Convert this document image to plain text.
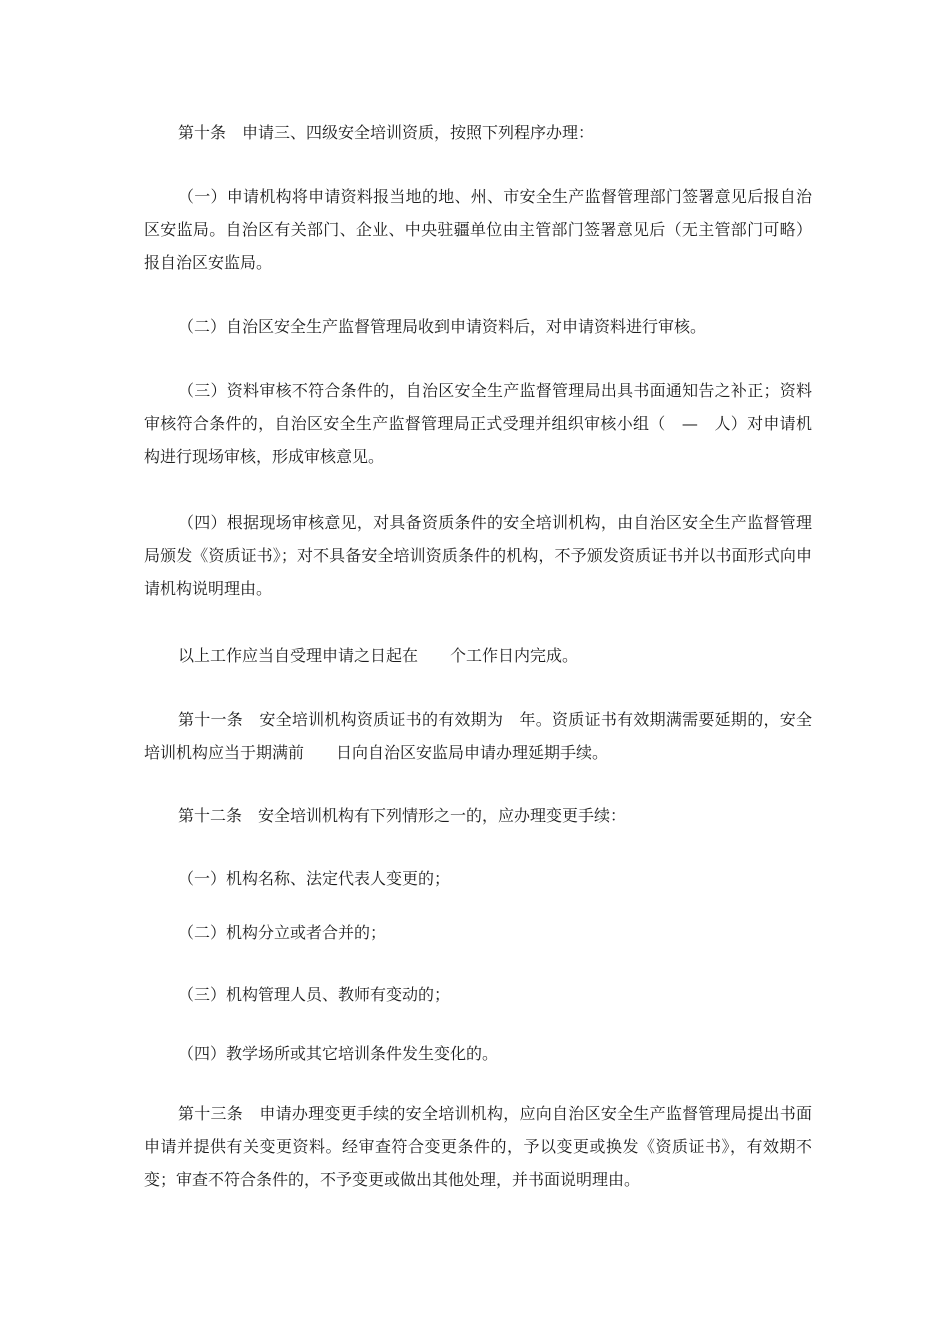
第十条　申请三、四级安全培训资质，按照下列程序办理：

（一）申请机构将申请资料报当地的地、州、市安全生产监督管理部门签署意见后报自治区安监局。自治区有关部门、企业、中央驻疆单位由主管部门签署意见后（无主管部门可略）报自治区安监局。

（二）自治区安全生产监督管理局收到申请资料后，对申请资料进行审核。

（三）资料审核不符合条件的，自治区安全生产监督管理局出具书面通知告之补正；资料审核符合条件的，自治区安全生产监督管理局正式受理并组织审核小组（　—　人）对申请机构进行现场审核，形成审核意见。

（四）根据现场审核意见，对具备资质条件的安全培训机构，由自治区安全生产监督管理局颁发《资质证书》；对不具备安全培训资质条件的机构，不予颁发资质证书并以书面形式向申请机构说明理由。

以上工作应当自受理申请之日起在　　个工作日内完成。

第十一条　安全培训机构资质证书的有效期为　年。资质证书有效期满需要延期的，安全培训机构应当于期满前　　日向自治区安监局申请办理延期手续。

第十二条　安全培训机构有下列情形之一的，应办理变更手续：

（一）机构名称、法定代表人变更的；

（二）机构分立或者合并的；

（三）机构管理人员、教师有变动的；

（四）教学场所或其它培训条件发生变化的。

第十三条　申请办理变更手续的安全培训机构，应向自治区安全生产监督管理局提出书面申请并提供有关变更资料。经审查符合变更条件的，予以变更或换发《资质证书》，有效期不变；审查不符合条件的，不予变更或做出其他处理，并书面说明理由。
